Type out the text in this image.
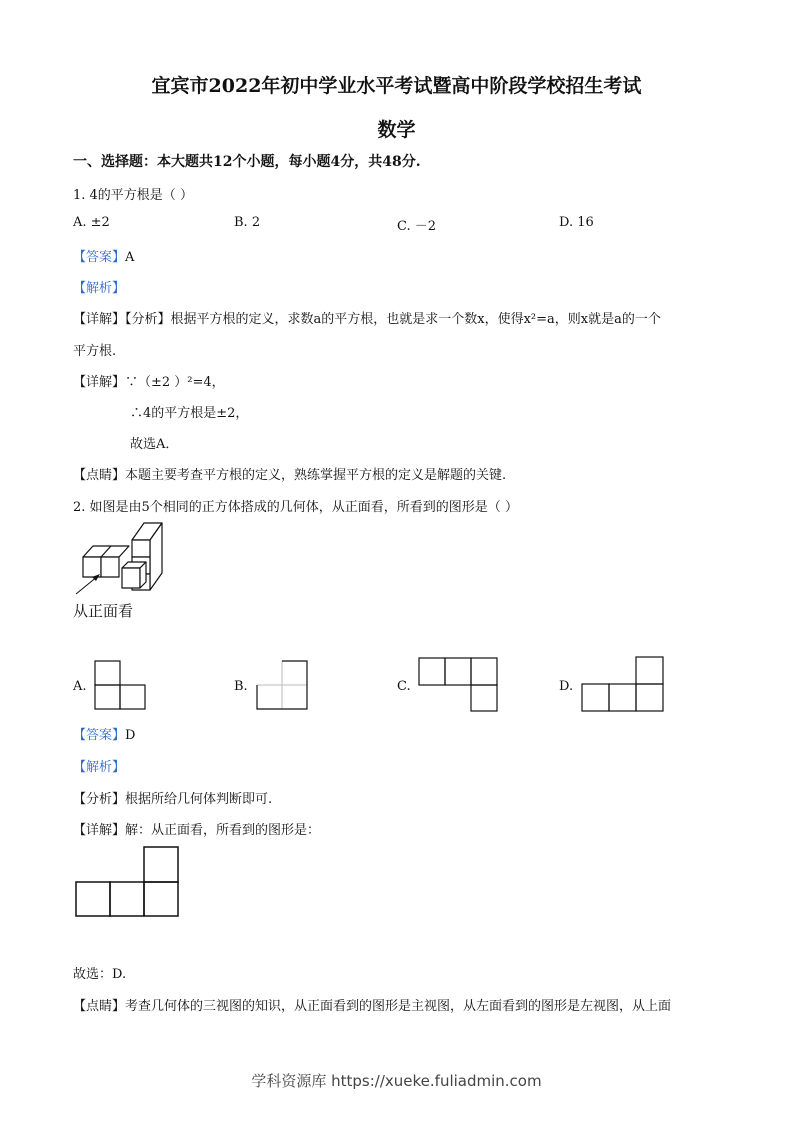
宜宾市2022年初中学业水平考试暨高中阶段学校招生考试
数学
一、选择题：本大题共12个小题，每小题4分，共48分.
1. 4的平方根是（ ）
A. ±2	B. 2	C. －2	D. 16
【答案】A
【解析】
【详解】【分析】根据平方根的定义，求数a的平方根，也就是求一个数x，使得x²=a，则x就是a的一个
平方根.
【详解】∵（±2 ）²=4，
∴4的平方根是±2，
故选A．
【点睛】本题主要考查平方根的定义，熟练掌握平方根的定义是解题的关键.
2. 如图是由5个相同的正方体搭成的几何体，从正面看，所看到的图形是（ ）
从正面看
A.	B.	C.	D.
【答案】D
【解析】
【分析】根据所给几何体判断即可.
【详解】解：从正面看，所看到的图形是：
故选：D.
【点睛】考查几何体的三视图的知识，从正面看到的图形是主视图，从左面看到的图形是左视图，从上面
学科资源库 https://xueke.fuliadmin.com
